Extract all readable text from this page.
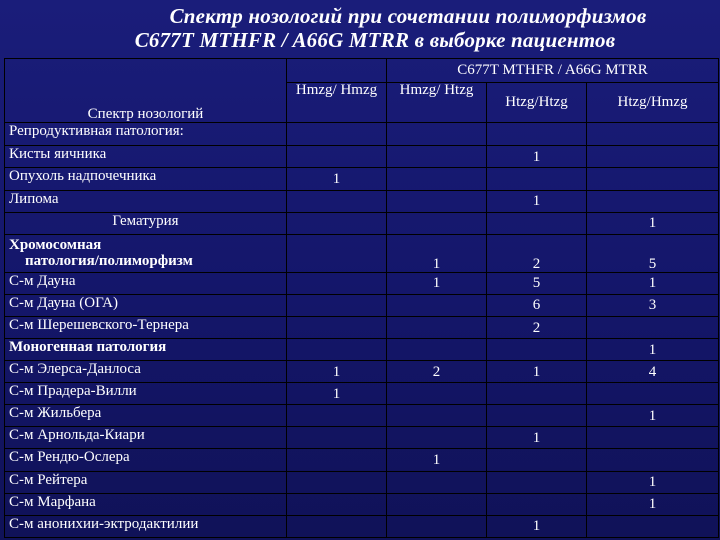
Спектр нозологий при сочетании полиморфизмов
C677T MTHFR / A66G MTRR в выборке пациентов
Спектр нозологий		C677T MTHFR / A66G MTRR		
	Hmzg/ Hmzg	Hmzg/ Htzg	Htzg/Htzg	Htzg/Hmzg
Репродуктивная патология:				
Кисты яичника			1	
Опухоль надпочечника	1			
Липома			1	
Гематурия				1

Хромосомная
патология/полиморфизм		1	2	5
С-м Дауна		1	5	1
С-м Дауна (ОГА)			6	3
С-м Шерешевского-Тернера			2	
Моногенная патология				1
С-м Элерса-Данлоса	1	2	1	4
С-м Прадера-Вилли	1			
С-м Жильбера				1
С-м Арнольда-Киари			1	
С-м Рендю-Ослера		1		
С-м Рейтера				1
С-м Марфана				1
С-м анонихии-эктродактилии			1	
